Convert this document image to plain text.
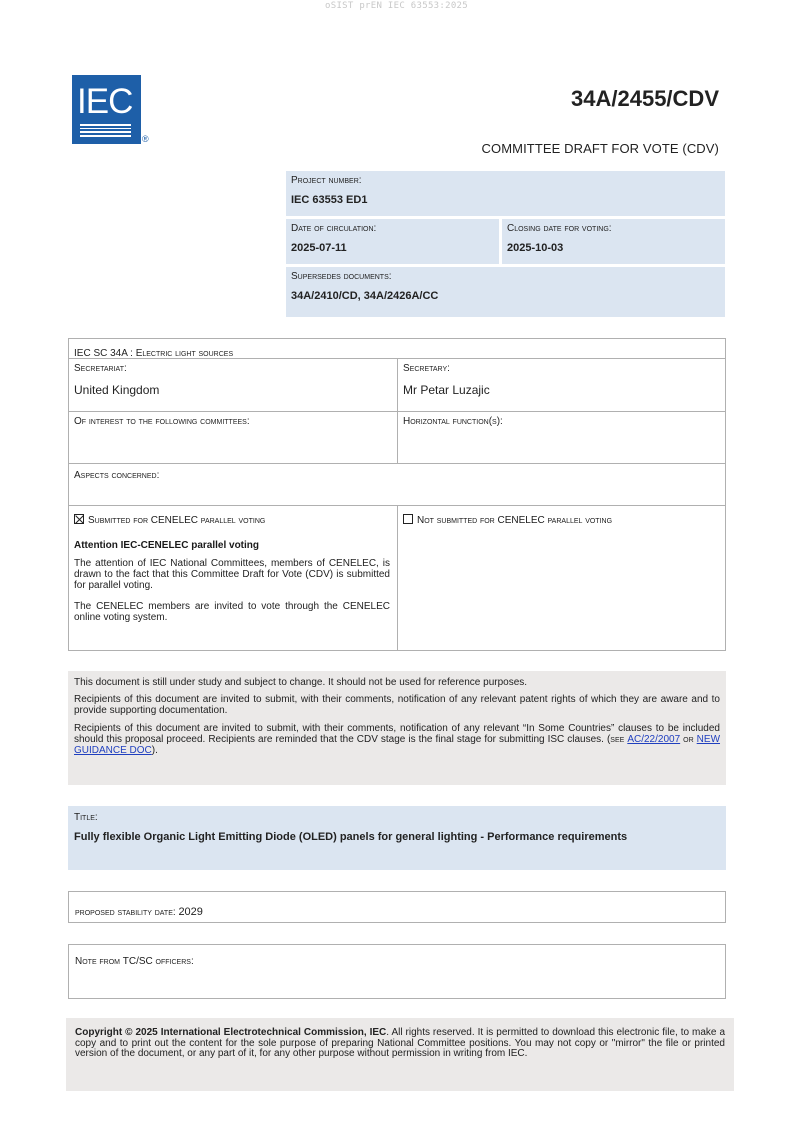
oSIST prEN IEC 63553:2025
IEC
®
34A/2455/CDV
COMMITTEE DRAFT FOR VOTE (CDV)
Project number:
IEC 63553 ED1
Date of circulation:
2025-07-11
Closing date for voting:
2025-10-03
Supersedes documents:
34A/2410/CD, 34A/2426A/CC
IEC SC 34A : Electric light sources
Secretariat:
United Kingdom
Secretary:
Mr Petar Luzajic
Of interest to the following committees:	Horizontal function(s):
Aspects concerned:
Submitted for CENELEC parallel voting
Attention IEC-CENELEC parallel voting
The attention of IEC National Committees, members of CENELEC, is drawn to the fact that this Committee Draft for Vote (CDV) is submitted for parallel voting.
The CENELEC members are invited to vote through the CENELEC online voting system.
Not submitted for CENELEC parallel voting
This document is still under study and subject to change. It should not be used for reference purposes.
Recipients of this document are invited to submit, with their comments, notification of any relevant patent rights of which they are aware and to provide supporting documentation.
Recipients of this document are invited to submit, with their comments, notification of any relevant “In Some Countries” clauses to be included should this proposal proceed. Recipients are reminded that the CDV stage is the final stage for submitting ISC clauses. (see AC/22/2007 or NEW GUIDANCE DOC).
Title:
Fully flexible Organic Light Emitting Diode (OLED) panels for general lighting - Performance requirements
proposed stability date: 2029
Note from TC/SC officers:
Copyright © 2025 International Electrotechnical Commission, IEC. All rights reserved. It is permitted to download this electronic file, to make a copy and to print out the content for the sole purpose of preparing National Committee positions. You may not copy or "mirror" the file or printed version of the document, or any part of it, for any other purpose without permission in writing from IEC.
